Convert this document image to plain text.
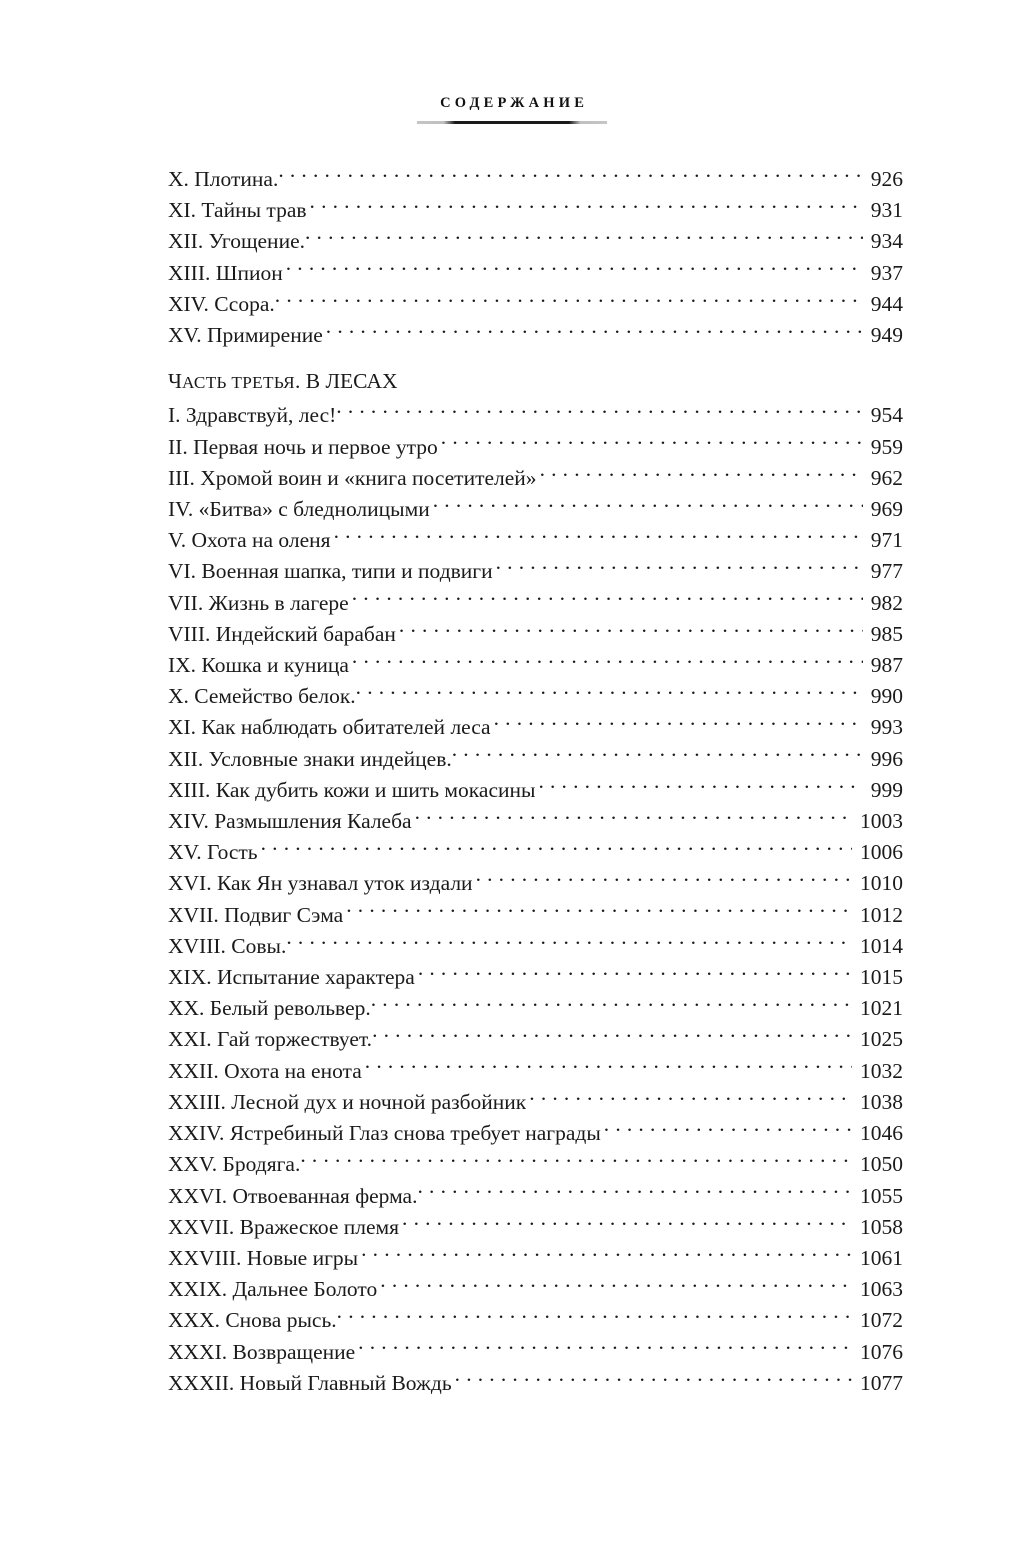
СОДЕРЖАНИЕ
X. Плотина. . . .	926
XI. Тайны трав . . .	931
XII. Угощение. . . .	934
XIII. Шпион . . .	937
XIV. Ссора. . . .	944
XV. Примирение . . .	949
ЧАСТЬ ТРЕТЬЯ. В ЛЕСАХ
I. Здравствуй, лес! . . .	954
II. Первая ночь и первое утро . . .	959
III. Хромой воин и «книга посетителей» . . .	962
IV. «Битва» с бледнолицыми . . .	969
V. Охота на оленя . . .	971
VI. Военная шапка, типи и подвиги . . .	977
VII. Жизнь в лагере . . .	982
VIII. Индейский барабан . . .	985
IX. Кошка и куница . . .	987
X. Семейство белок. . . .	990
XI. Как наблюдать обитателей леса . . .	993
XII. Условные знаки индейцев. . . .	996
XIII. Как дубить кожи и шить мокасины . . .	999
XIV. Размышления Калеба . . .	1003
XV. Гость . . .	1006
XVI. Как Ян узнавал уток издали . . .	1010
XVII. Подвиг Сэма . . .	1012
XVIII. Совы. . . .	1014
XIX. Испытание характера . . .	1015
XX. Белый револьвер. . . .	1021
XXI. Гай торжествует. . . .	1025
XXII. Охота на енота . . .	1032
XXIII. Лесной дух и ночной разбойник . . .	1038
XXIV. Ястребиный Глаз снова требует награды . . .	1046
XXV. Бродяга. . . .	1050
XXVI. Отвоеванная ферма. . . .	1055
XXVII. Вражеское племя . . .	1058
XXVIII. Новые игры . . .	1061
XXIX. Дальнее Болото . . .	1063
XXX. Снова рысь. . . .	1072
XXXI. Возвращение . . .	1076
XXXII. Новый Главный Вождь . . .	1077
